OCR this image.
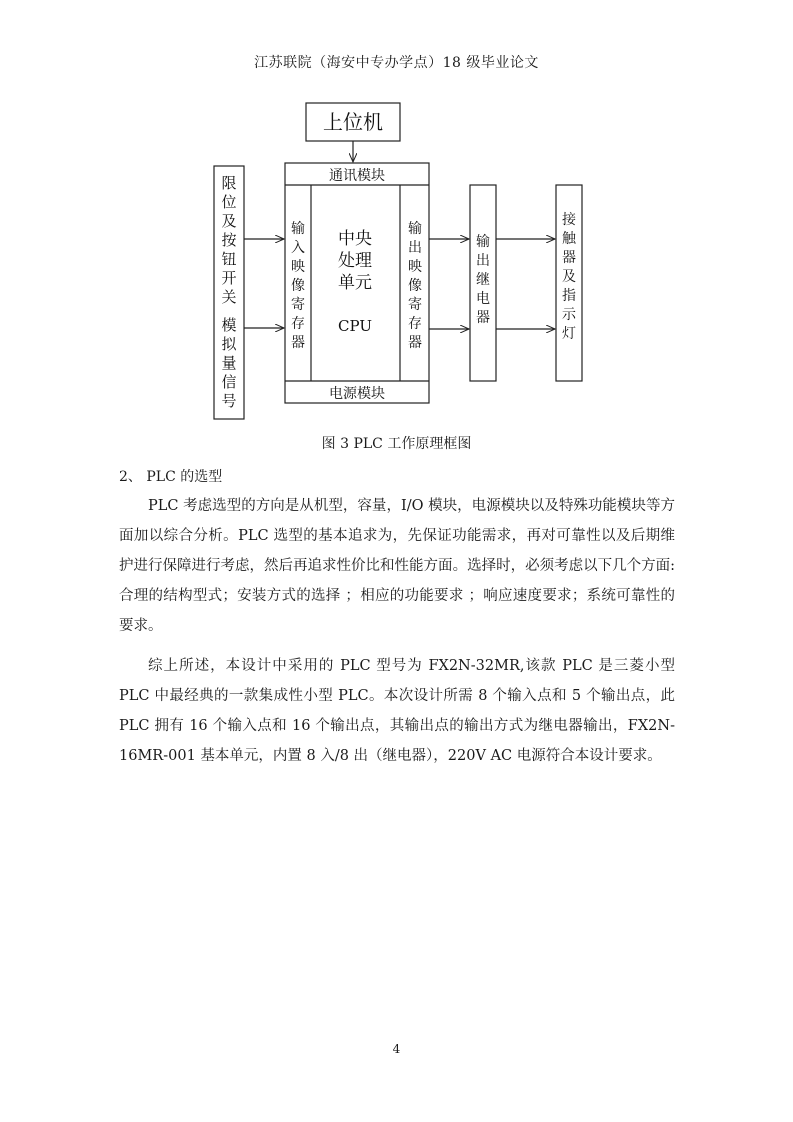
江苏联院（海安中专办学点）18 级毕业论文
上位机
通讯模块
电源模块
中央
处理
单元
CPU
输
入
映
像
寄
存
器
输
出
映
像
寄
存
器
限
位
及
按
钮
开
关
模
拟
量
信
号
输
出
继
电
器
接
触
器
及
指
示
灯
图 3 PLC 工作原理框图
2、 PLC 的选型

PLC 考虑选型的方向是从机型，容量，I/O 模块，电源模块以及特殊功能模块等方面加以综合分析。PLC 选型的基本追求为，先保证功能需求，再对可靠性以及后期维护进行保障进行考虑，然后再追求性价比和性能方面。选择时，必须考虑以下几个方面: 合理的结构型式；安装方式的选择 ；相应的功能要求 ；响应速度要求；系统可靠性的要求。

综上所述，本设计中采用的 PLC 型号为 FX2N-32MR,该款 PLC 是三菱小型 PLC 中最经典的一款集成性小型 PLC。本次设计所需 8 个输入点和 5 个输出点，此 PLC 拥有 16 个输入点和 16 个输出点，其输出点的输出方式为继电器输出，FX2N-16MR-001 基本单元，内置 8 入/8 出（继电器），220V AC 电源符合本设计要求。

4
